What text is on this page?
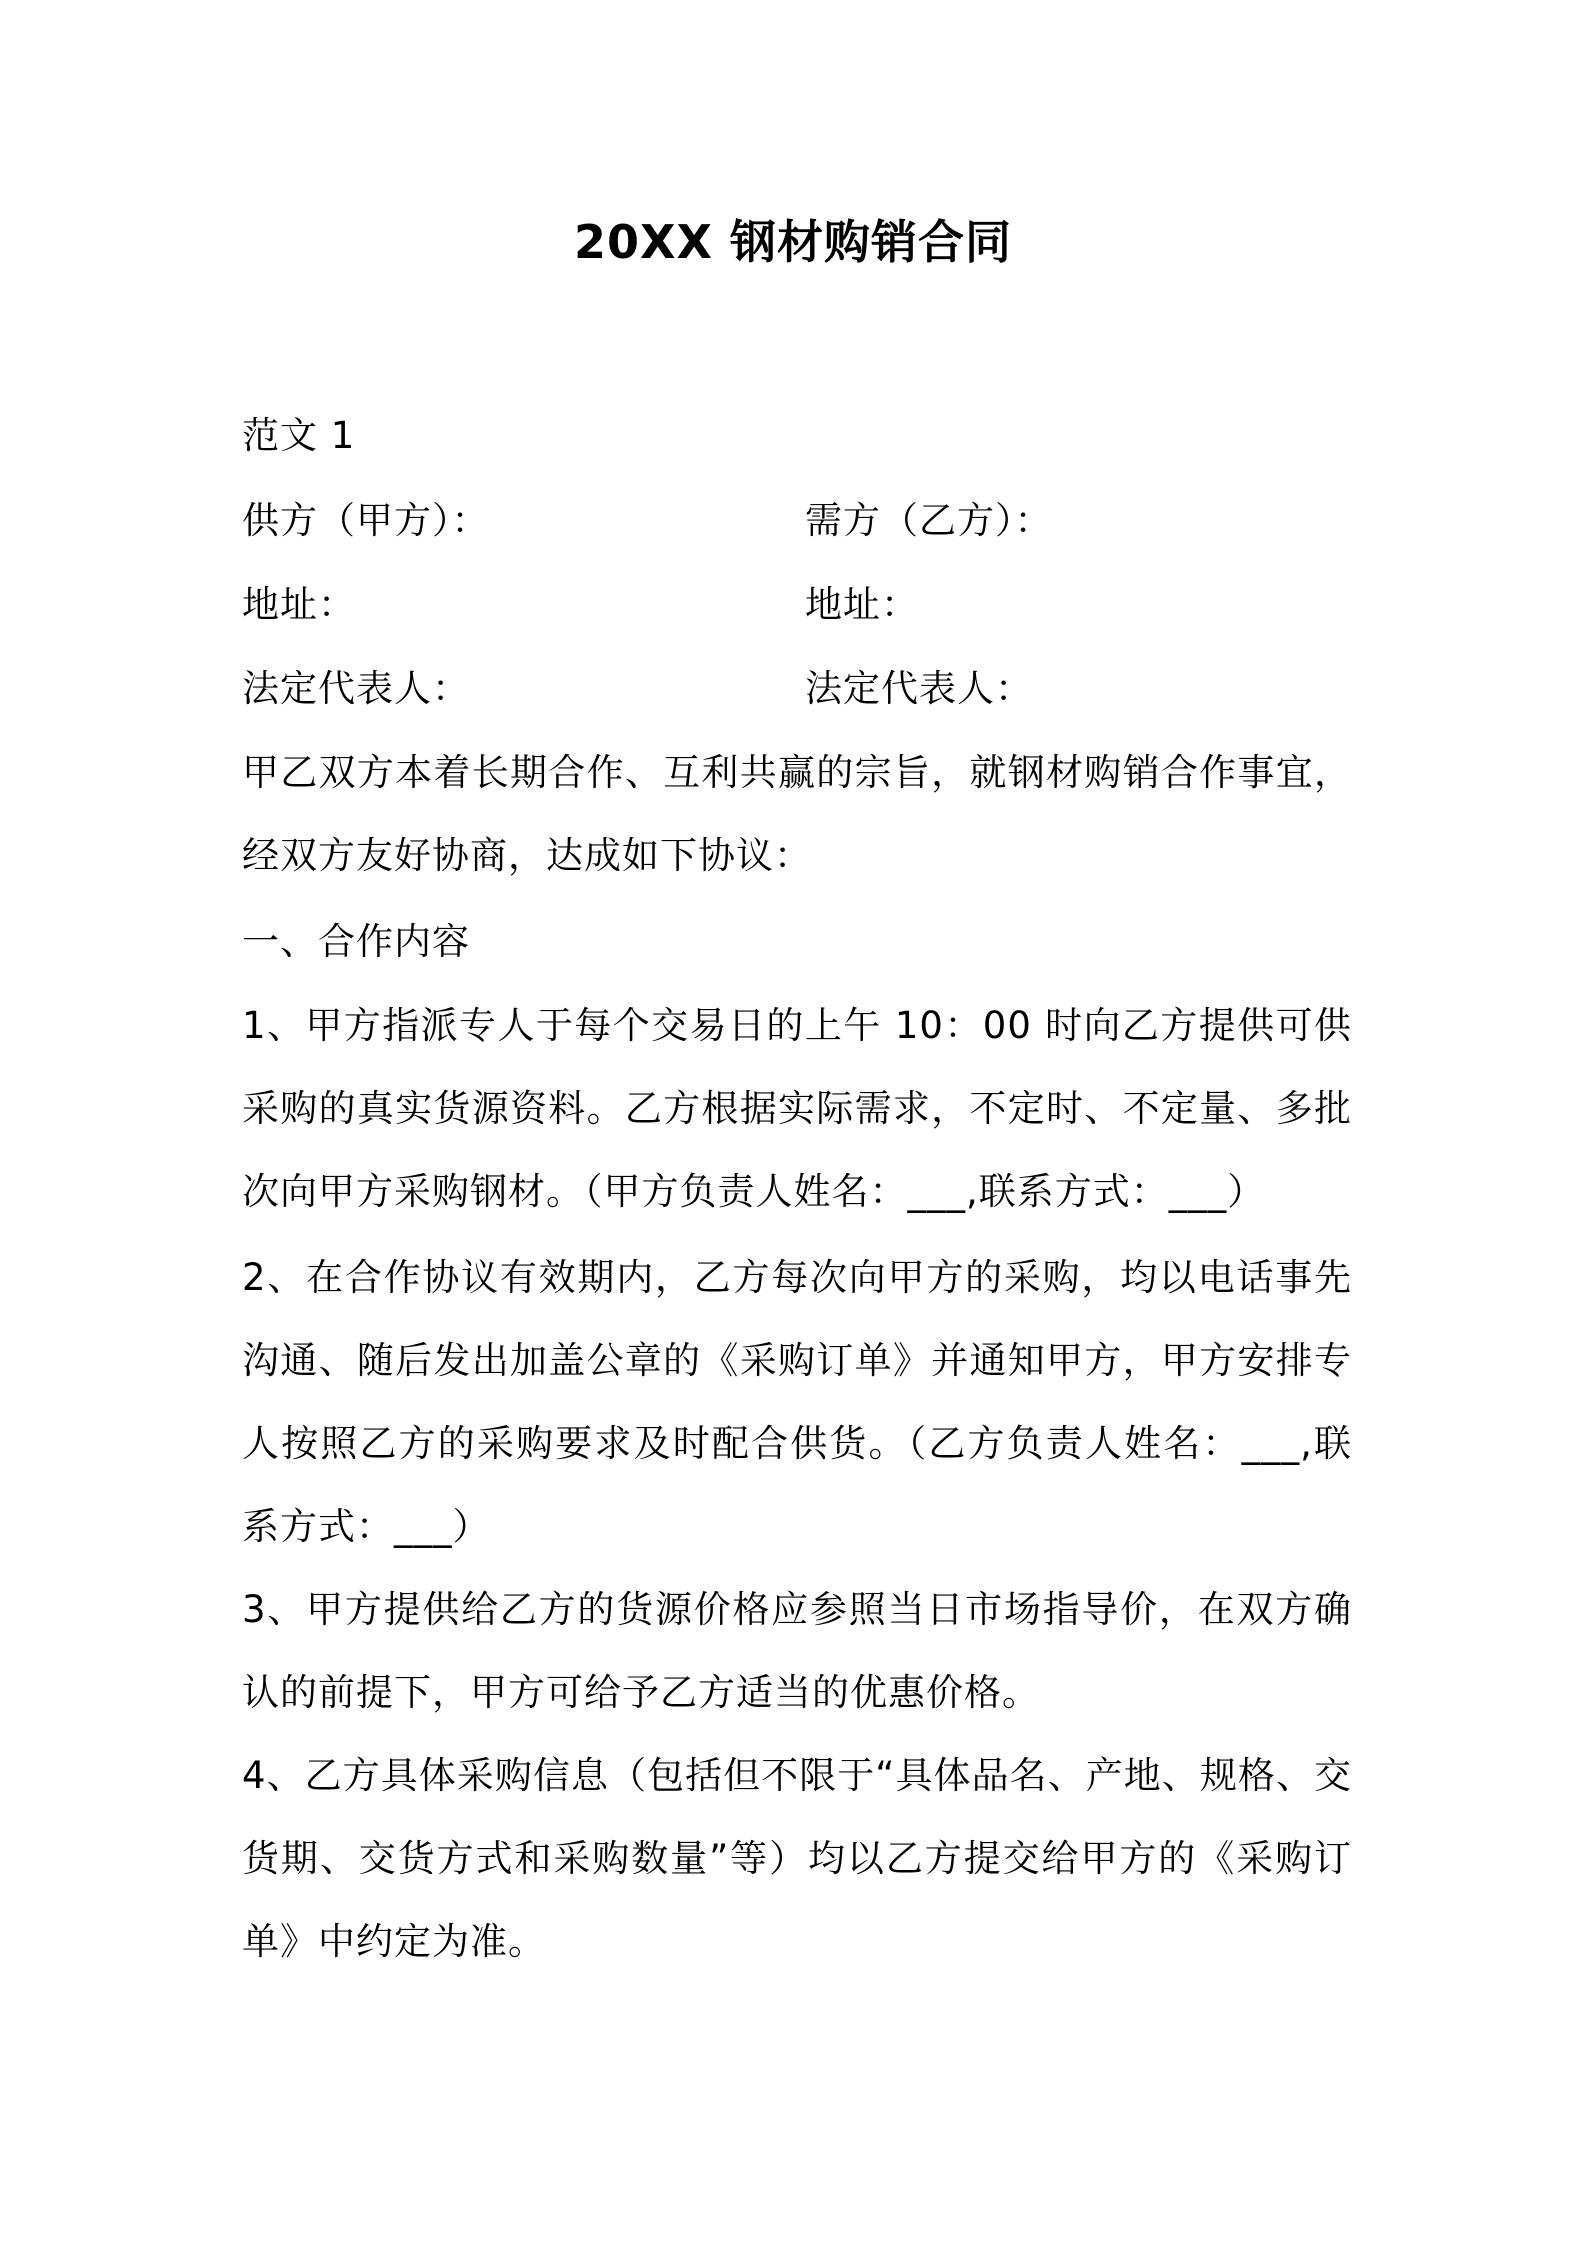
20XX 钢材购销合同
范文 1
供方（甲方）：	需方（乙方）：
地址：	地址：
法定代表人：	法定代表人：
甲乙双方本着长期合作、互利共赢的宗旨，就钢材购销合作事宜，经双方友好协商，达成如下协议：
一、合作内容
1、甲方指派专人于每个交易日的上午 10：00 时向乙方提供可供采购的真实货源资料。乙方根据实际需求，不定时、不定量、多批次向甲方采购钢材。（甲方负责人姓名：___,联系方式：___）
2、在合作协议有效期内，乙方每次向甲方的采购，均以电话事先沟通、随后发出加盖公章的《采购订单》并通知甲方，甲方安排专人按照乙方的采购要求及时配合供货。（乙方负责人姓名：___,联系方式：___）
3、甲方提供给乙方的货源价格应参照当日市场指导价，在双方确认的前提下，甲方可给予乙方适当的优惠价格。
4、乙方具体采购信息（包括但不限于“具体品名、产地、规格、交货期、交货方式和采购数量”等）均以乙方提交给甲方的《采购订单》中约定为准。
